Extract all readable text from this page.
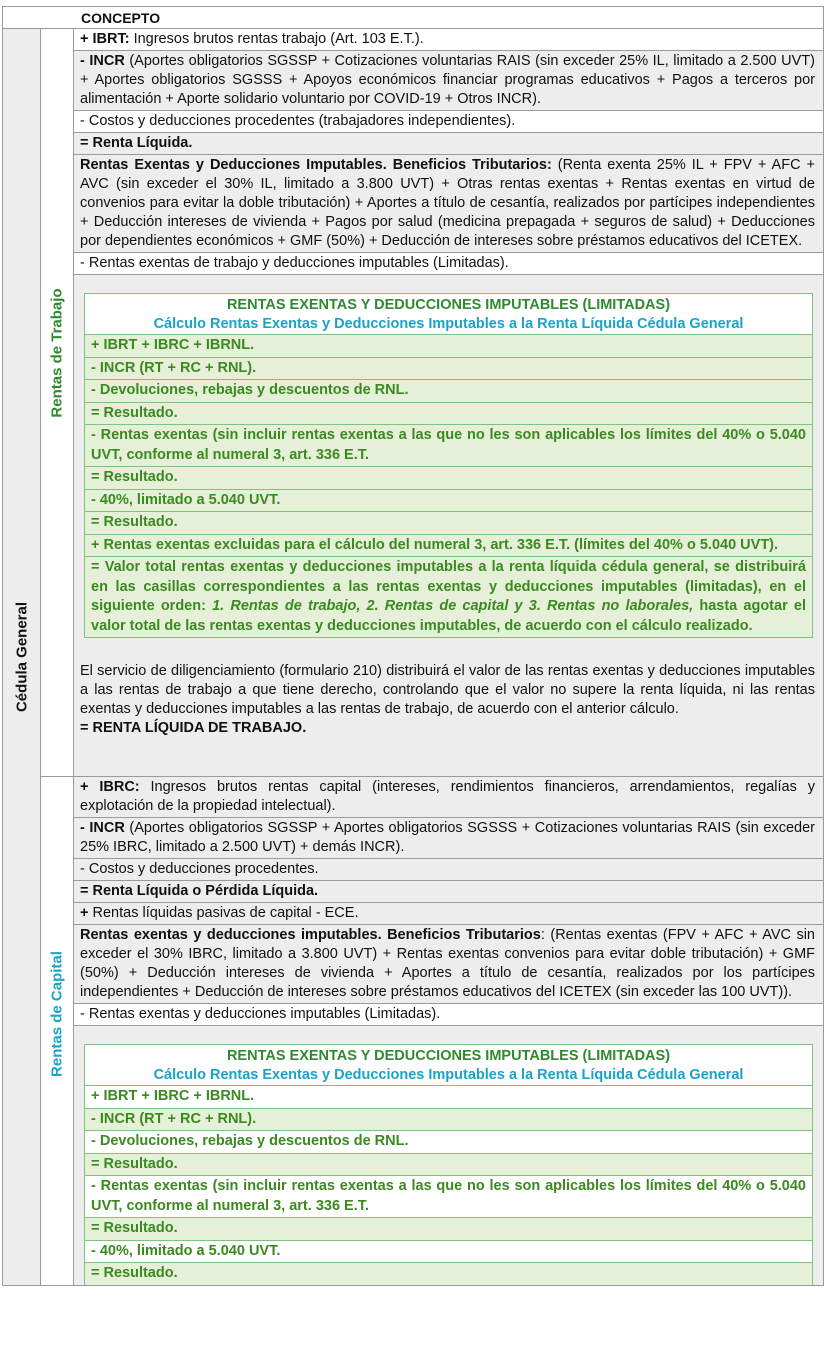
CONCEPTO
Cédula General
Rentas de Trabajo
+ IBRT: Ingresos brutos rentas trabajo (Art. 103 E.T.).
- INCR (Aportes obligatorios SGSSP + Cotizaciones voluntarias RAIS (sin exceder 25% IL, limitado a 2.500 UVT) + Aportes obligatorios SGSSS + Apoyos económicos financiar programas educativos + Pagos a terceros por alimentación + Aporte solidario voluntario por COVID-19 + Otros INCR).
- Costos y deducciones procedentes (trabajadores independientes).
= Renta Líquida.
Rentas Exentas y Deducciones Imputables. Beneficios Tributarios: (Renta exenta 25% IL + FPV + AFC + AVC (sin exceder el 30% IL, limitado a 3.800 UVT) + Otras rentas exentas + Rentas exentas en virtud de convenios para evitar la doble tributación) + Aportes a título de cesantía, realizados por partícipes independientes + Deducción intereses de vivienda + Pagos por salud (medicina prepagada + seguros de salud) + Deducciones por dependientes económicos + GMF (50%) + Deducción de intereses sobre préstamos educativos del ICETEX.
- Rentas exentas de trabajo y deducciones imputables (Limitadas).
RENTAS EXENTAS Y DEDUCCIONES IMPUTABLES (LIMITADAS)
Cálculo Rentas Exentas y Deducciones Imputables a la Renta Líquida Cédula General
+ IBRT + IBRC + IBRNL.
- INCR (RT + RC + RNL).
- Devoluciones, rebajas y descuentos de RNL.
= Resultado.
- Rentas exentas (sin incluir rentas exentas a las que no les son aplicables los límites del 40% o 5.040 UVT, conforme al numeral 3, art. 336 E.T.
= Resultado.
- 40%, limitado a 5.040 UVT.
= Resultado.
+ Rentas exentas excluidas para el cálculo del numeral 3, art. 336 E.T. (límites del 40% o 5.040 UVT).
= Valor total rentas exentas y deducciones imputables a la renta líquida cédula general, se distribuirá en las casillas correspondientes a las rentas exentas y deducciones imputables (limitadas), en el siguiente orden: 1. Rentas de trabajo, 2. Rentas de capital y 3. Rentas no laborales, hasta agotar el valor total de las rentas exentas y deducciones imputables, de acuerdo con el cálculo realizado.
El servicio de diligenciamiento (formulario 210) distribuirá el valor de las rentas exentas y deducciones imputables a las rentas de trabajo a que tiene derecho, controlando que el valor no supere la renta líquida, ni las rentas exentas y deducciones imputables a las rentas de trabajo, de acuerdo con el anterior cálculo.
= RENTA LÍQUIDA DE TRABAJO.
Rentas de Capital
+ IBRC: Ingresos brutos rentas capital (intereses, rendimientos financieros, arrendamientos, regalías y explotación de la propiedad intelectual).
- INCR (Aportes obligatorios SGSSP + Aportes obligatorios SGSSS + Cotizaciones voluntarias RAIS (sin exceder 25% IBRC, limitado a 2.500 UVT) + demás INCR).
- Costos y deducciones procedentes.
= Renta Líquida o Pérdida Líquida.
+ Rentas líquidas pasivas de capital - ECE.
Rentas exentas y deducciones imputables. Beneficios Tributarios: (Rentas exentas (FPV + AFC + AVC sin exceder el 30% IBRC, limitado a 3.800 UVT) + Rentas exentas convenios para evitar doble tributación) + GMF (50%) + Deducción intereses de vivienda + Aportes a título de cesantía, realizados por los partícipes independientes + Deducción de intereses sobre préstamos educativos del ICETEX (sin exceder las 100 UVT)).
- Rentas exentas y deducciones imputables (Limitadas).
RENTAS EXENTAS Y DEDUCCIONES IMPUTABLES (LIMITADAS)
Cálculo Rentas Exentas y Deducciones Imputables a la Renta Líquida Cédula General
+ IBRT + IBRC + IBRNL.
- INCR (RT + RC + RNL).
- Devoluciones, rebajas y descuentos de RNL.
= Resultado.
- Rentas exentas (sin incluir rentas exentas a las que no les son aplicables los límites del 40% o 5.040 UVT, conforme al numeral 3, art. 336 E.T.
= Resultado.
- 40%, limitado a 5.040 UVT.
= Resultado.
